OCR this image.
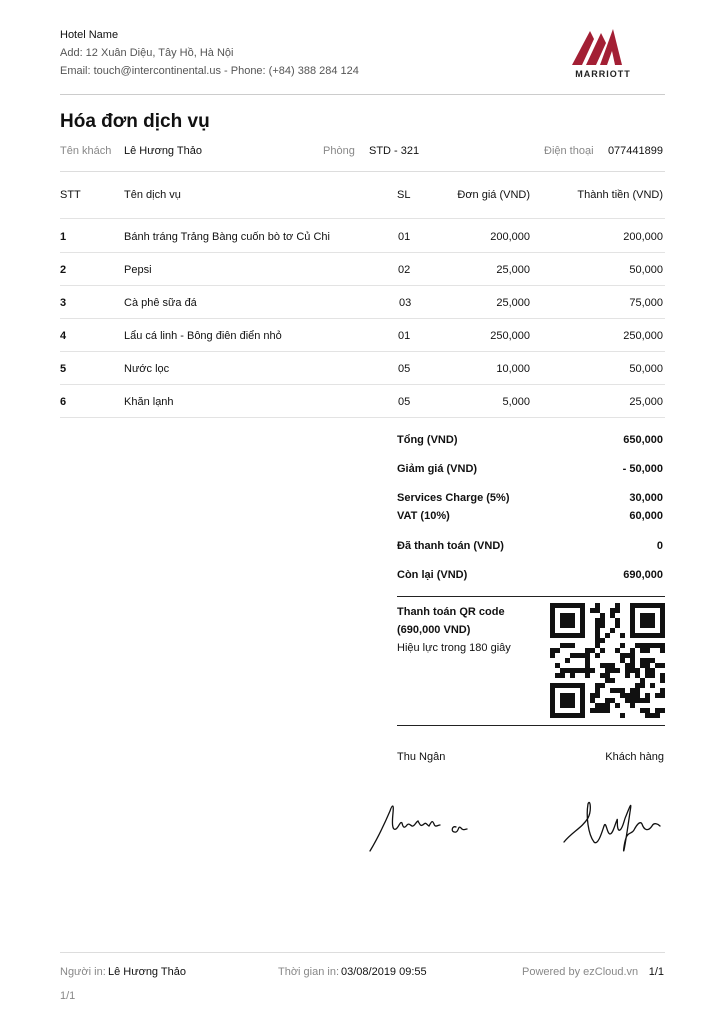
Hotel Name
Add: 12 Xuân Diệu, Tây Hồ, Hà Nội
Email: touch@intercontinental.us - Phone: (+84) 388 284 124	MARRIOTT
Hóa đơn dịch vụ
Tên khách Lê Hương Thảo	Phòng STD - 321	Điện thoại 077441899
STT	Tên dịch vụ	SL	Đơn giá (VND)	Thành tiền (VND)
1	Bánh tráng Trảng Bàng cuốn bò tơ Củ Chi	01	200,000	200,000
2	Pepsi	02	25,000	50,000
3	Cà phê sữa đá	03	25,000	75,000
4	Lẩu cá linh - Bông điên điển nhỏ	01	250,000	250,000
5	Nước lọc	05	10,000	50,000
6	Khăn lạnh	05	5,000	25,000
Tổng (VND)	650,000
Giảm giá (VND)	- 50,000
Services Charge (5%)	30,000
VAT (10%)	60,000
Đã thanh toán (VND)	0
Còn lại (VND)	690,000
Thanh toán QR code
(690,000 VND)
Hiệu lực trong 180 giây
Thu Ngân	Khách hàng
Người in: Lê Hương Thảo	Thời gian in: 03/08/2019 09:55	Powered by ezCloud.vn 1/1
1/1
